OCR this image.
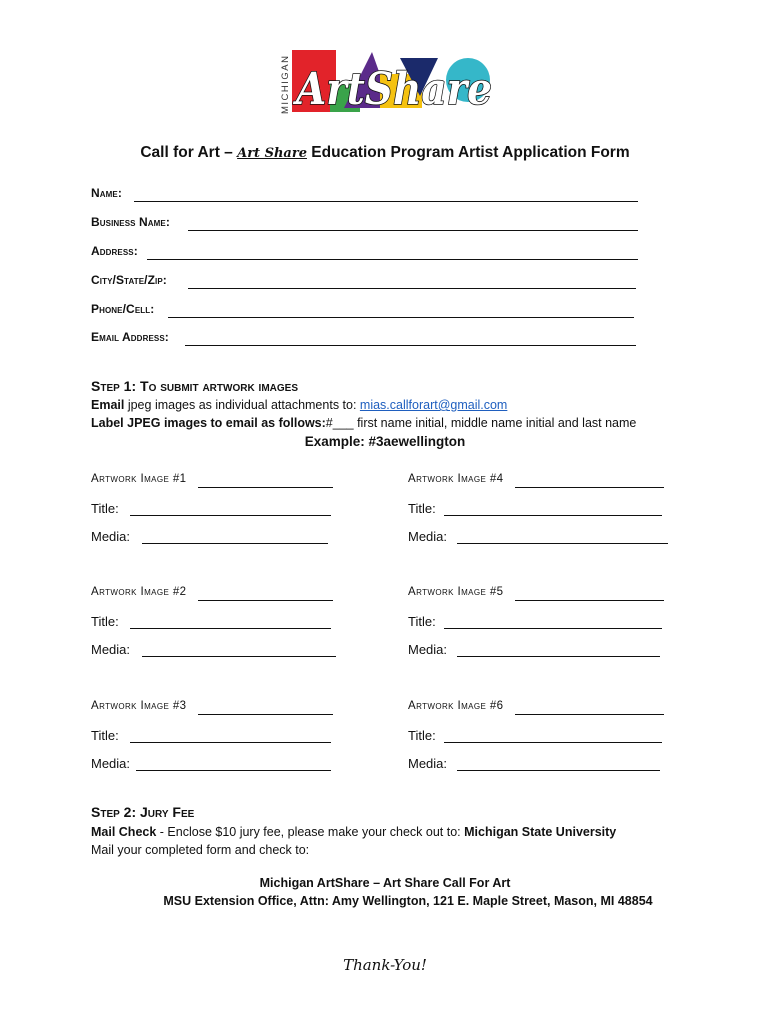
MICHIGAN ArtShare
Call for Art – Art Share Education Program Artist Application Form
Name:
Business Name:
Address:
City/State/Zip:
Phone/Cell:
Email Address:
Step 1: To submit artwork images
Email jpeg images as individual attachments to: mias.callforart@gmail.com
Label JPEG images to email as follows:#___ first name initial, middle name initial and last name
Example: #3aewellington
Artwork Image #1
Title:
Media:
Artwork Image #4
Title:
Media:
Artwork Image #2
Title:
Media:
Artwork Image #5
Title:
Media:
Artwork Image #3
Title:
Media:
Artwork Image #6
Title:
Media:
Step 2: Jury Fee
Mail Check - Enclose $10 jury fee, please make your check out to: Michigan State University
Mail your completed form and check to:
Michigan ArtShare – Art Share Call For Art
MSU Extension Office, Attn: Amy Wellington, 121 E. Maple Street, Mason, MI 48854
Thank-You!
